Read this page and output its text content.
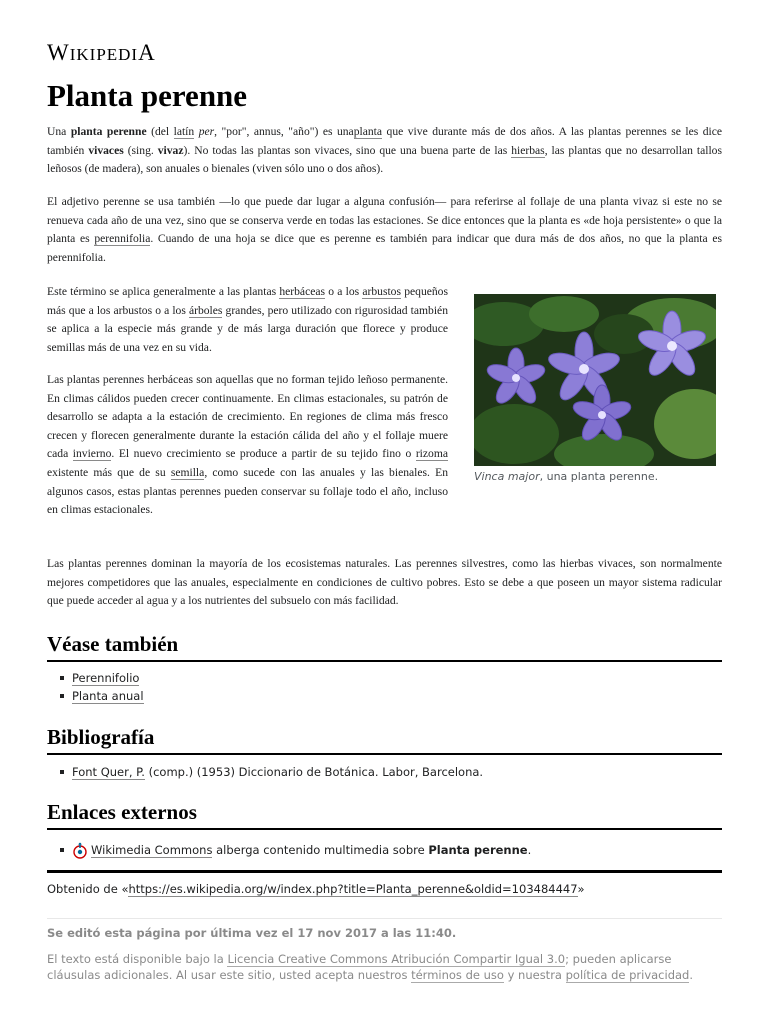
WIKIPEDIA
Planta perenne

Una planta perenne (del latín per, "por", annus, "año") es unaplanta que vive durante más de dos años. A las plantas perennes se les dice también vivaces (sing. vivaz). No todas las plantas son vivaces, sino que una buena parte de las hierbas, las plantas que no desarrollan tallos leñosos (de madera), son anuales o bienales (viven sólo uno o dos años).

El adjetivo perenne se usa también —lo que puede dar lugar a alguna confusión— para referirse al follaje de una planta vivaz si este no se renueva cada año de una vez, sino que se conserva verde en todas las estaciones. Se dice entonces que la planta es «de hoja persistente» o que la planta es perennifolia. Cuando de una hoja se dice que es perenne es también para indicar que dura más de dos años, no que la planta es perennifolia.

Este término se aplica generalmente a las plantas herbáceas o a los arbustos pequeños más que a los arbustos o a los árboles grandes, pero utilizado con rigurosidad también se aplica a la especie más grande y de más larga duración que florece y produce semillas más de una vez en su vida.

Las plantas perennes herbáceas son aquellas que no forman tejido leñoso permanente. En climas cálidos pueden crecer continuamente. En climas estacionales, su patrón de desarrollo se adapta a la estación de crecimiento. En regiones de clima más fresco crecen y florecen generalmente durante la estación cálida del año y el follaje muere cada invierno. El nuevo crecimiento se produce a partir de su tejido fino o rizoma existente más que de su semilla, como sucede con las anuales y las bienales. En algunos casos, estas plantas perennes pueden conservar su follaje todo el año, incluso en climas estacionales.

Vinca major, una planta perenne.

Las plantas perennes dominan la mayoría de los ecosistemas naturales. Las perennes silvestres, como las hierbas vivaces, son normalmente mejores competidores que las anuales, especialmente en condiciones de cultivo pobres. Esto se debe a que poseen un mayor sistema radicular que puede acceder al agua y a los nutrientes del subsuelo con más facilidad.

Véase también
Perennifolio
Planta anual
Bibliografía
Font Quer, P. (comp.) (1953) Diccionario de Botánica. Labor, Barcelona.
Enlaces externos
Wikimedia Commons alberga contenido multimedia sobre Planta perenne.
Obtenido de «https://es.wikipedia.org/w/index.php?title=Planta_perenne&oldid=103484447»
Se editó esta página por última vez el 17 nov 2017 a las 11:40.
El texto está disponible bajo la Licencia Creative Commons Atribución Compartir Igual 3.0; pueden aplicarse cláusulas adicionales. Al usar este sitio, usted acepta nuestros términos de uso y nuestra política de privacidad.
